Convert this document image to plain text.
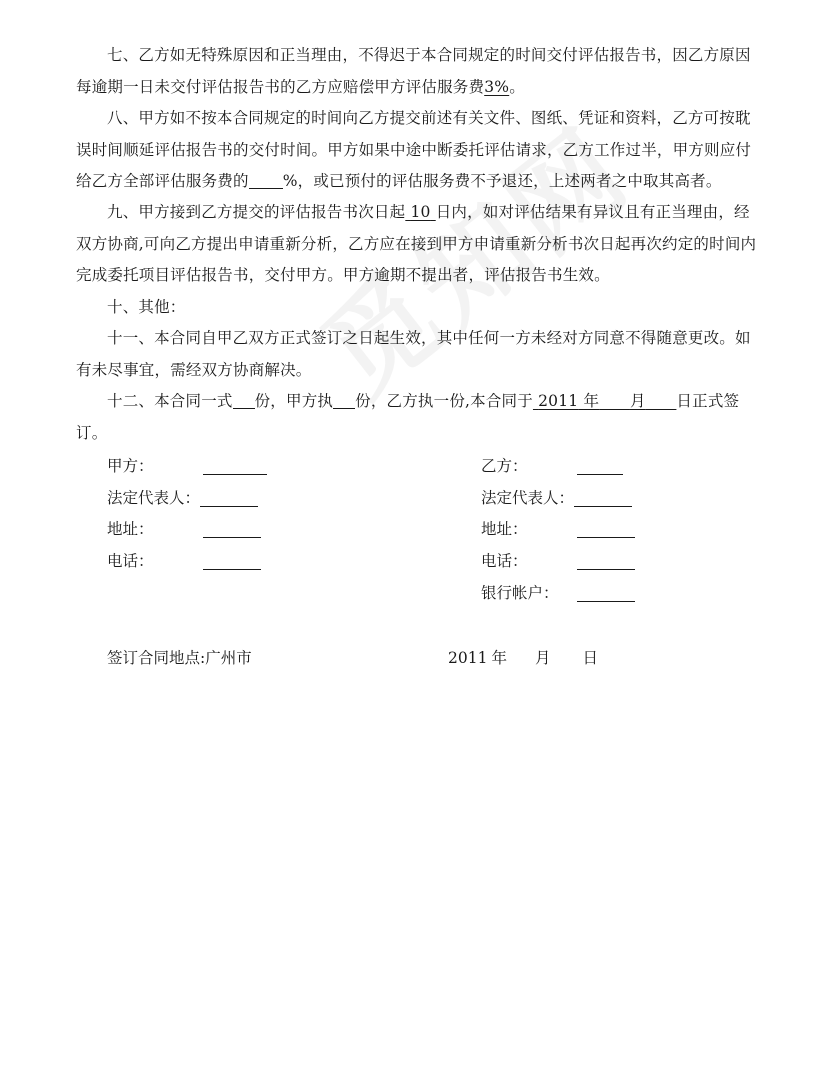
七、乙方如无特殊原因和正当理由，不得迟于本合同规定的时间交付评估报告书，因乙方原因每逾期一日未交付评估报告书的乙方应赔偿甲方评估服务费3%。

八、甲方如不按本合同规定的时间向乙方提交前述有关文件、图纸、凭证和资料，乙方可按耽误时间顺延评估报告书的交付时间。甲方如果中途中断委托评估请求，乙方工作过半，甲方则应付给乙方全部评估服务费的 %，或已预付的评估服务费不予退还，上述两者之中取其高者。

九、甲方接到乙方提交的评估报告书次日起 10 日内，如对评估结果有异议且有正当理由，经双方协商,可向乙方提出申请重新分析，乙方应在接到甲方申请重新分析书次日起再次约定的时间内完成委托项目评估报告书，交付甲方。甲方逾期不提出者，评估报告书生效。

十、其他：

十一、本合同自甲乙双方正式签订之日起生效，其中任何一方未经对方同意不得随意更改。如有未尽事宜，需经双方协商解决。

十二、本合同一式 份，甲方执 份，乙方执一份,本合同于 2011 年 月 日正式签订。

甲方：
法定代表人：
地址：
电话：
乙方：
法定代表人：
地址：
电话：
银行帐户：
签订合同地点:广州市	2011 年 月 日
